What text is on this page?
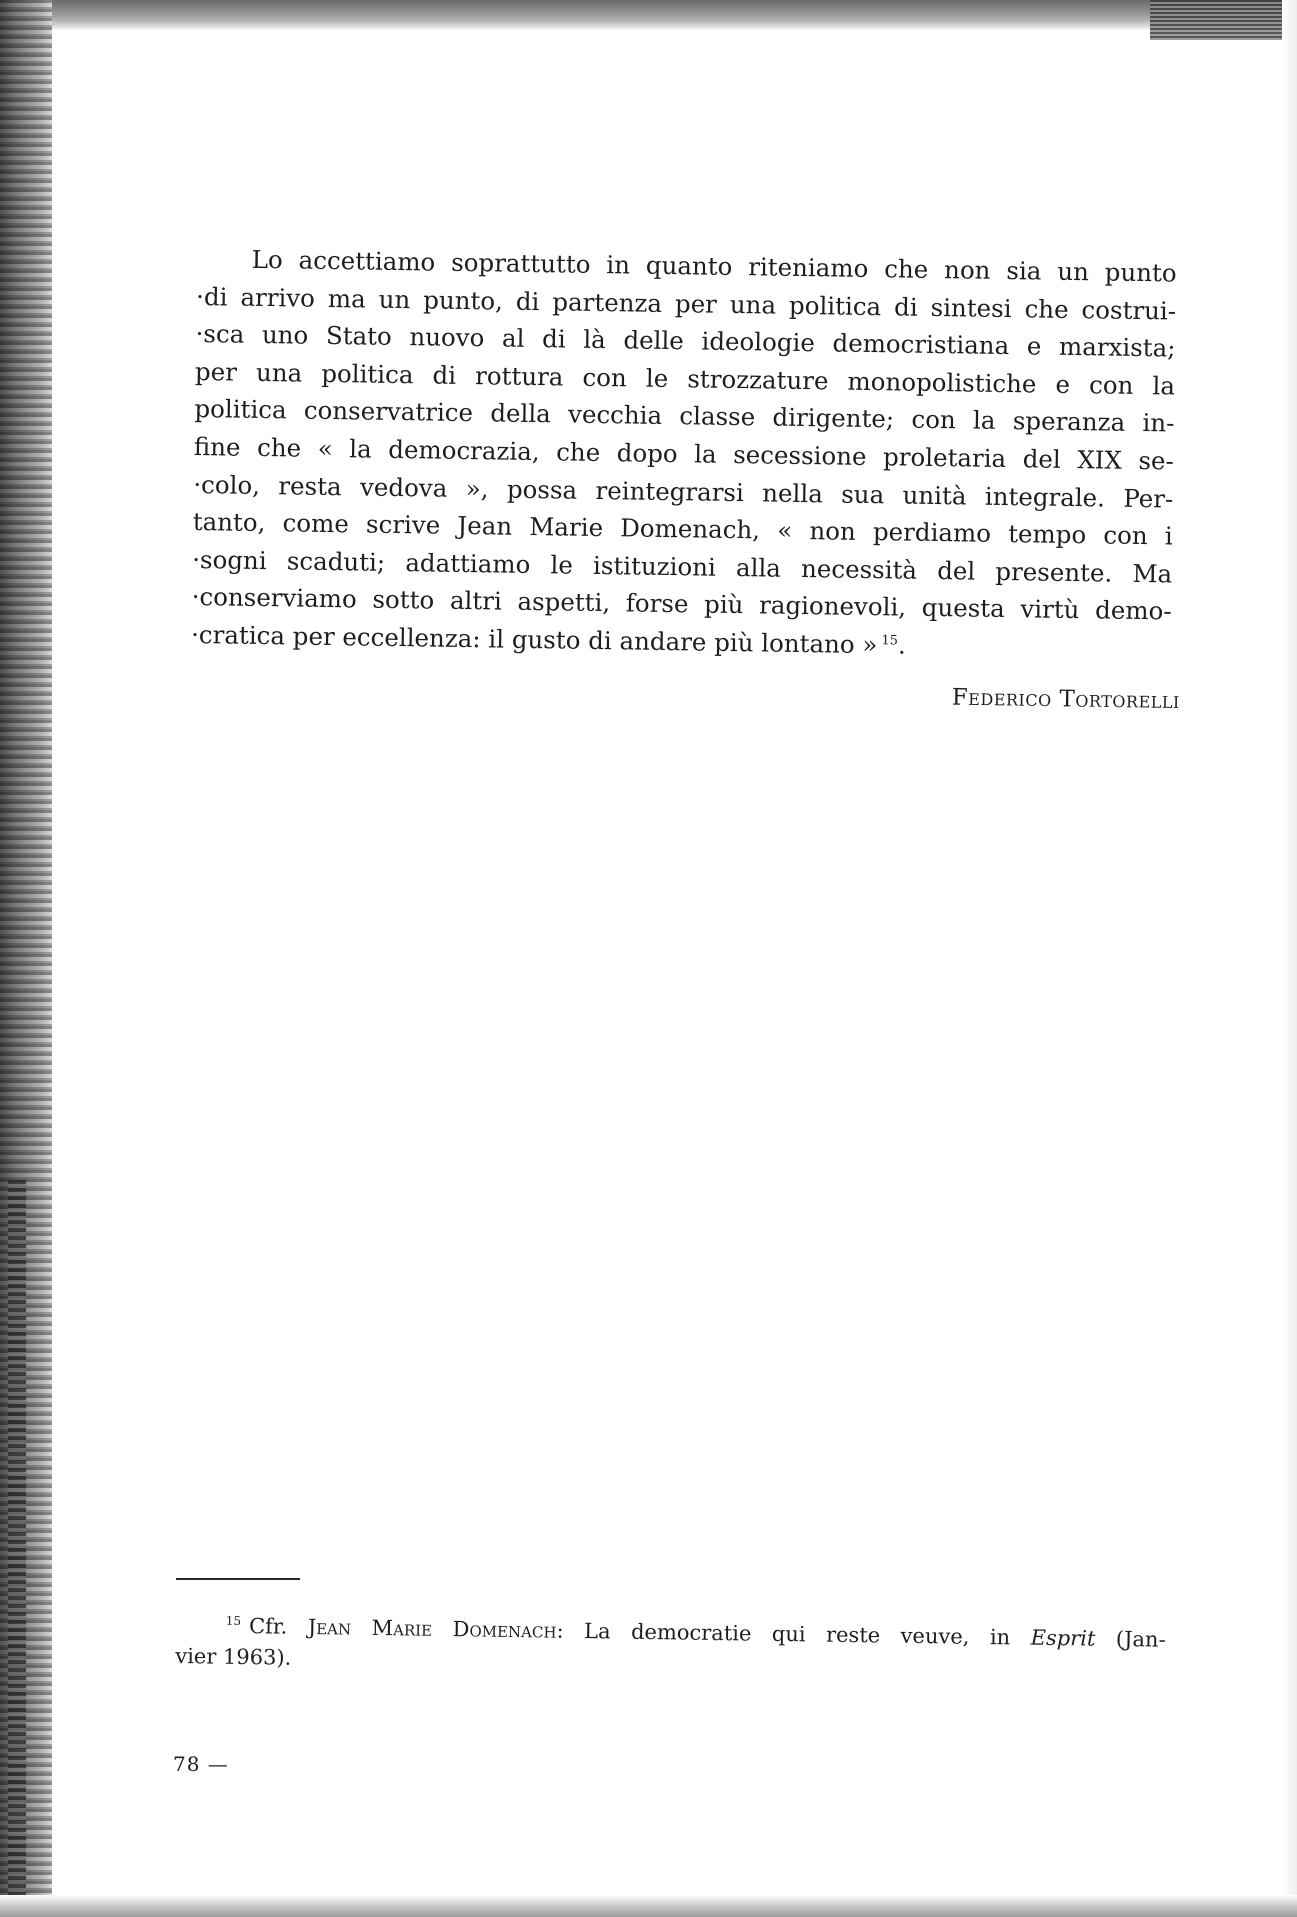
Lo accettiamo soprattutto in quanto riteniamo che non sia un punto
·di arrivo ma un punto, di partenza per una politica di sintesi che costrui-
·sca uno Stato nuovo al di là delle ideologie democristiana e marxista;
per una politica di rottura con le strozzature monopolistiche e con la
politica conservatrice della vecchia classe dirigente; con la speranza in-
fine che « la democrazia, che dopo la secessione proletaria del XIX se-
·colo, resta vedova », possa reintegrarsi nella sua unità integrale. Per-
tanto, come scrive Jean Marie Domenach, « non perdiamo tempo con i
·sogni scaduti; adattiamo le istituzioni alla necessità del presente. Ma
·conserviamo sotto altri aspetti, forse più ragionevoli, questa virtù demo-
·cratica per eccellenza: il gusto di andare più lontano » $^{15}$.

Federico Tortorelli

$^{15}$ Cfr. Jean Marie Domenach: La democratie qui reste veuve, in Esprit (Jan-
vier 1963).

78 —
